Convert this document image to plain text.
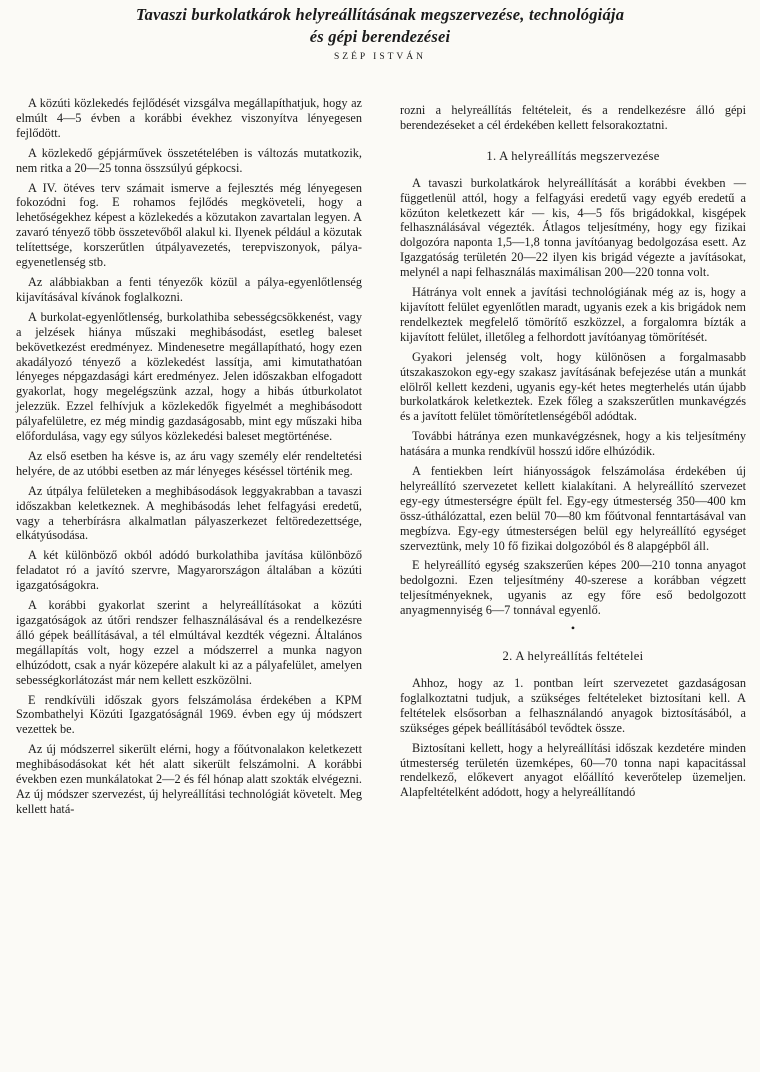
Tavaszi burkolatkárok helyreállításának megszervezése, technológiája
és gépi berendezései
SZÉP ISTVÁN

A közúti közlekedés fejlődését vizsgálva megállapíthatjuk, hogy az elmúlt 4—5 évben a korábbi évekhez viszonyítva lényegesen fejlődött.

A közlekedő gépjárművek összetételében is változás mutatkozik, nem ritka a 20—25 tonna összsúlyú gépkocsi.

A IV. ötéves terv számait ismerve a fejlesztés még lényegesen fokozódni fog. E rohamos fejlődés megköveteli, hogy a lehetőségekhez képest a közlekedés a közutakon zavartalan legyen. A zavaró tényező több összetevőből alakul ki. Ilyenek például a közutak telítettsége, korszerűtlen útpályavezetés, terepviszonyok, pálya-egyenetlenség stb.

Az alábbiakban a fenti tényezők közül a pálya-egyenlőtlenség kijavításával kívánok foglalkozni.

A burkolat-egyenlőtlenség, burkolathiba sebességcsökkenést, vagy a jelzések hiánya műszaki meghibásodást, esetleg baleset bekövetkezést eredményez. Mindenesetre megállapítható, hogy ezen akadályozó tényező a közlekedést lassítja, ami kimutathatóan lényeges népgazdasági kárt eredményez. Jelen időszakban elfogadott gyakorlat, hogy megelégszünk azzal, hogy a hibás útburkolatot jelezzük. Ezzel felhívjuk a közlekedők figyelmét a meghibásodott pályafelületre, ez még mindig gazdaságosabb, mint egy műszaki hiba előfordulása, vagy egy súlyos közlekedési baleset megtörténése.

Az első esetben ha késve is, az áru vagy személy elér rendeltetési helyére, de az utóbbi esetben az már lényeges késéssel történik meg.

Az útpálya felületeken a meghibásodások leggyakrabban a tavaszi időszakban keletkeznek. A meghibásodás lehet felfagyási eredetű, vagy a teherbírásra alkalmatlan pályaszerkezet feltöredezettsége, elkátyúsodása.

A két különböző okból adódó burkolathiba javítása különböző feladatot ró a javító szervre, Magyarországon általában a közúti igazgatóságokra.

A korábbi gyakorlat szerint a helyreállításokat a közúti igazgatóságok az útőri rendszer felhasználásával és a rendelkezésre álló gépek beállításával, a tél elmúltával kezdték végezni. Általános megállapítás volt, hogy ezzel a módszerrel a munka nagyon elhúzódott, csak a nyár közepére alakult ki az a pályafelület, amelyen sebességkorlátozást már nem kellett eszközölni.

E rendkívüli időszak gyors felszámolása érdekében a KPM Szombathelyi Közúti Igazgatóságnál 1969. évben egy új módszert vezettek be.

Az új módszerrel sikerült elérni, hogy a főútvonalakon keletkezett meghibásodásokat két hét alatt sikerült felszámolni. A korábbi években ezen munkálatokat 2—2 és fél hónap alatt szokták elvégezni. Az új módszer szervezést, új helyreállítási technológiát követelt. Meg kellett hatá-

rozni a helyreállítás feltételeit, és a rendelkezésre álló gépi berendezéseket a cél érdekében kellett felsorakoztatni.

1. A helyreállítás megszervezése

A tavaszi burkolatkárok helyreállítását a korábbi években — függetlenül attól, hogy a felfagyási eredetű vagy egyéb eredetű a közúton keletkezett kár — kis, 4—5 fős brigádokkal, kisgépek felhasználásával végezték. Átlagos teljesítmény, hogy egy fizikai dolgozóra naponta 1,5—1,8 tonna javítóanyag bedolgozása esett. Az Igazgatóság területén 20—22 ilyen kis brigád végezte a javításokat, melynél a napi felhasználás maximálisan 200—220 tonna volt.

Hátránya volt ennek a javítási technológiának még az is, hogy a kijavított felület egyenlőtlen maradt, ugyanis ezek a kis brigádok nem rendelkeztek megfelelő tömörítő eszközzel, a forgalomra bízták a kijavított felület, illetőleg a felhordott javítóanyag tömörítését.

Gyakori jelenség volt, hogy különösen a forgalmasabb útszakaszokon egy-egy szakasz javításának befejezése után a munkát elölről kellett kezdeni, ugyanis egy-két hetes megterhelés után újabb burkolatkárok keletkeztek. Ezek főleg a szakszerűtlen munkavégzés és a javított felület tömörítetlenségéből adódtak.

További hátránya ezen munkavégzésnek, hogy a kis teljesítmény hatására a munka rendkívül hosszú időre elhúzódik.

A fentiekben leírt hiányosságok felszámolása érdekében új helyreállító szervezetet kellett kialakítani. A helyreállító szervezet egy-egy útmesterségre épült fel. Egy-egy útmesterség 350—400 km össz-úthálózattal, ezen belül 70—80 km főútvonal fenntartásával van megbízva. Egy-egy útmesterségen belül egy helyreállító egységet szerveztünk, mely 10 fő fizikai dolgozóból és 8 alapgépből áll.

E helyreállító egység szakszerűen képes 200—210 tonna anyagot bedolgozni. Ezen teljesítmény 40-szerese a korábban végzett teljesítményeknek, ugyanis az egy főre eső bedolgozott anyagmennyiség 6—7 tonnával egyenlő.

•
2. A helyreállítás feltételei

Ahhoz, hogy az 1. pontban leírt szervezetet gazdaságosan foglalkoztatni tudjuk, a szükséges feltételeket biztosítani kell. A feltételek elsősorban a felhasználandó anyagok biztosításából, a szükséges gépek beállításából tevődtek össze.

Biztosítani kellett, hogy a helyreállítási időszak kezdetére minden útmesterség területén üzemképes, 60—70 tonna napi kapacitással rendelkező, előkevert anyagot előállító keverőtelep üzemeljen. Alapfeltételként adódott, hogy a helyreállítandó
